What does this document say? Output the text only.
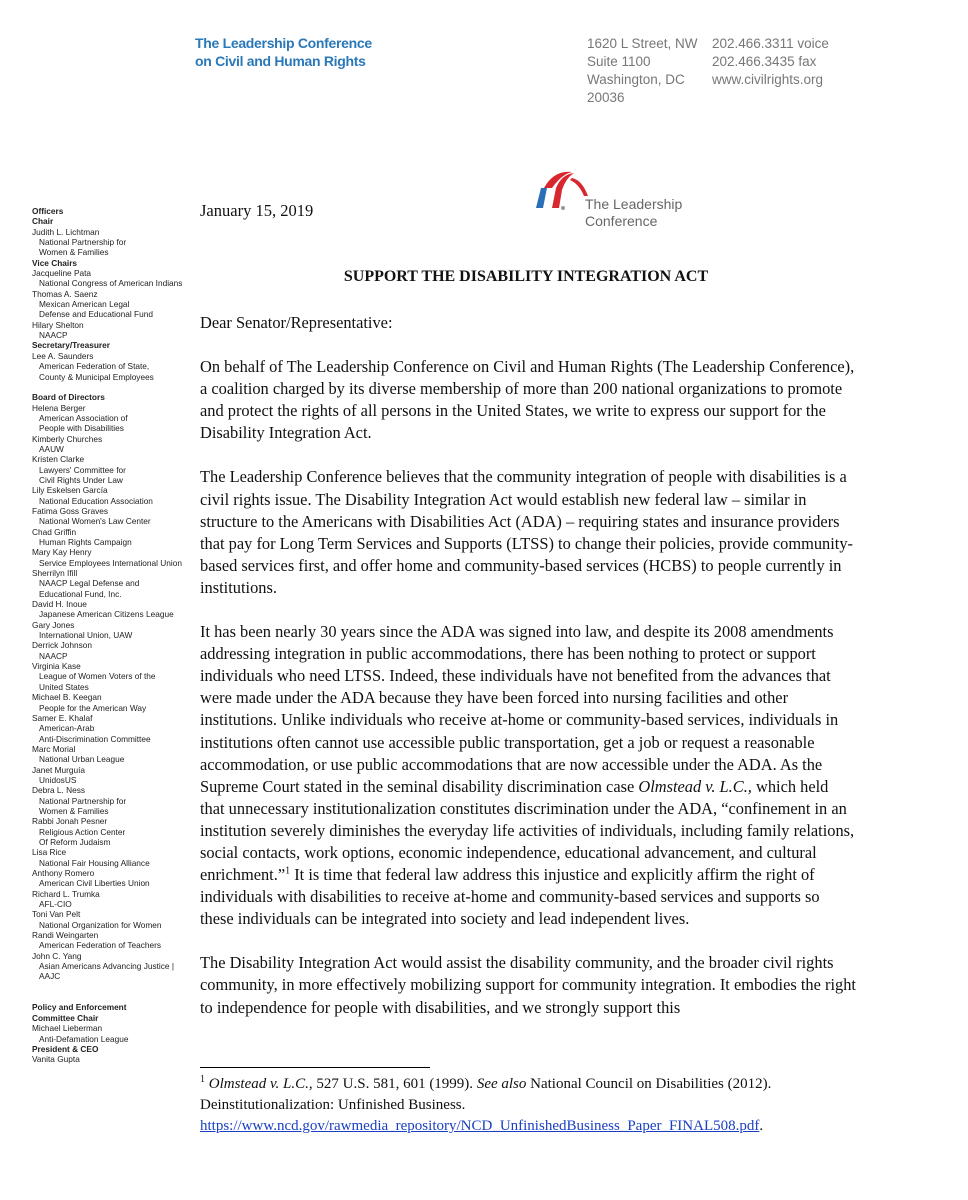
The Leadership Conference
on Civil and Human Rights
1620 L Street, NW
Suite 1100
Washington, DC
20036
202.466.3311 voice
202.466.3435 fax
www.civilrights.org
The Leadership
Conference
Officers
Chair
Judith L. Lichtman
National Partnership for
Women & Families
Vice Chairs
Jacqueline Pata
National Congress of American Indians
Thomas A. Saenz
Mexican American Legal
Defense and Educational Fund
Hilary Shelton
NAACP
Secretary/Treasurer
Lee A. Saunders
American Federation of State,
County & Municipal Employees
Board of Directors
Helena Berger
American Association of
People with Disabilities
Kimberly Churches
AAUW
Kristen Clarke
Lawyers' Committee for
Civil Rights Under Law
Lily Eskelsen García
National Education Association
Fatima Goss Graves
National Women's Law Center
Chad Griffin
Human Rights Campaign
Mary Kay Henry
Service Employees International Union
Sherrilyn Ifill
NAACP Legal Defense and
Educational Fund, Inc.
David H. Inoue
Japanese American Citizens League
Gary Jones
International Union, UAW
Derrick Johnson
NAACP
Virginia Kase
League of Women Voters of the
United States
Michael B. Keegan
People for the American Way
Samer E. Khalaf
American-Arab
Anti-Discrimination Committee
Marc Morial
National Urban League
Janet Murguía
UnidosUS
Debra L. Ness
National Partnership for
Women & Families
Rabbi Jonah Pesner
Religious Action Center
Of Reform Judaism
Lisa Rice
National Fair Housing Alliance
Anthony Romero
American Civil Liberties Union
Richard L. Trumka
AFL-CIO
Toni Van Pelt
National Organization for Women
Randi Weingarten
American Federation of Teachers
John C. Yang
Asian Americans Advancing Justice |
AAJC
Policy and Enforcement
Committee Chair
Michael Lieberman
Anti-Defamation League
President & CEO
Vanita Gupta
January 15, 2019
SUPPORT THE DISABILITY INTEGRATION ACT

Dear Senator/Representative:

On behalf of The Leadership Conference on Civil and Human Rights (The Leadership Conference), a coalition charged by its diverse membership of more than 200 national organizations to promote and protect the rights of all persons in the United States, we write to express our support for the Disability Integration Act.

The Leadership Conference believes that the community integration of people with disabilities is a civil rights issue. The Disability Integration Act would establish new federal law – similar in structure to the Americans with Disabilities Act (ADA) – requiring states and insurance providers that pay for Long Term Services and Supports (LTSS) to change their policies, provide community-based services first, and offer home and community-based services (HCBS) to people currently in institutions.

It has been nearly 30 years since the ADA was signed into law, and despite its 2008 amendments addressing integration in public accommodations, there has been nothing to protect or support individuals who need LTSS. Indeed, these individuals have not benefited from the advances that were made under the ADA because they have been forced into nursing facilities and other institutions. Unlike individuals who receive at-home or community-based services, individuals in institutions often cannot use accessible public transportation, get a job or request a reasonable accommodation, or use public accommodations that are now accessible under the ADA. As the Supreme Court stated in the seminal disability discrimination case Olmstead v. L.C., which held that unnecessary institutionalization constitutes discrimination under the ADA, “confinement in an institution severely diminishes the everyday life activities of individuals, including family relations, social contacts, work options, economic independence, educational advancement, and cultural enrichment.”$^1$ It is time that federal law address this injustice and explicitly affirm the right of individuals with disabilities to receive at-home and community-based services and supports so these individuals can be integrated into society and lead independent lives.

The Disability Integration Act would assist the disability community, and the broader civil rights community, in more effectively mobilizing support for community integration. It embodies the right to independence for people with disabilities, and we strongly support this

$^1$ Olmstead v. L.C., 527 U.S. 581, 601 (1999). See also National Council on Disabilities (2012). Deinstitutionalization: Unfinished Business.
https://www.ncd.gov/rawmedia_repository/NCD_UnfinishedBusiness_Paper_FINAL508.pdf.
